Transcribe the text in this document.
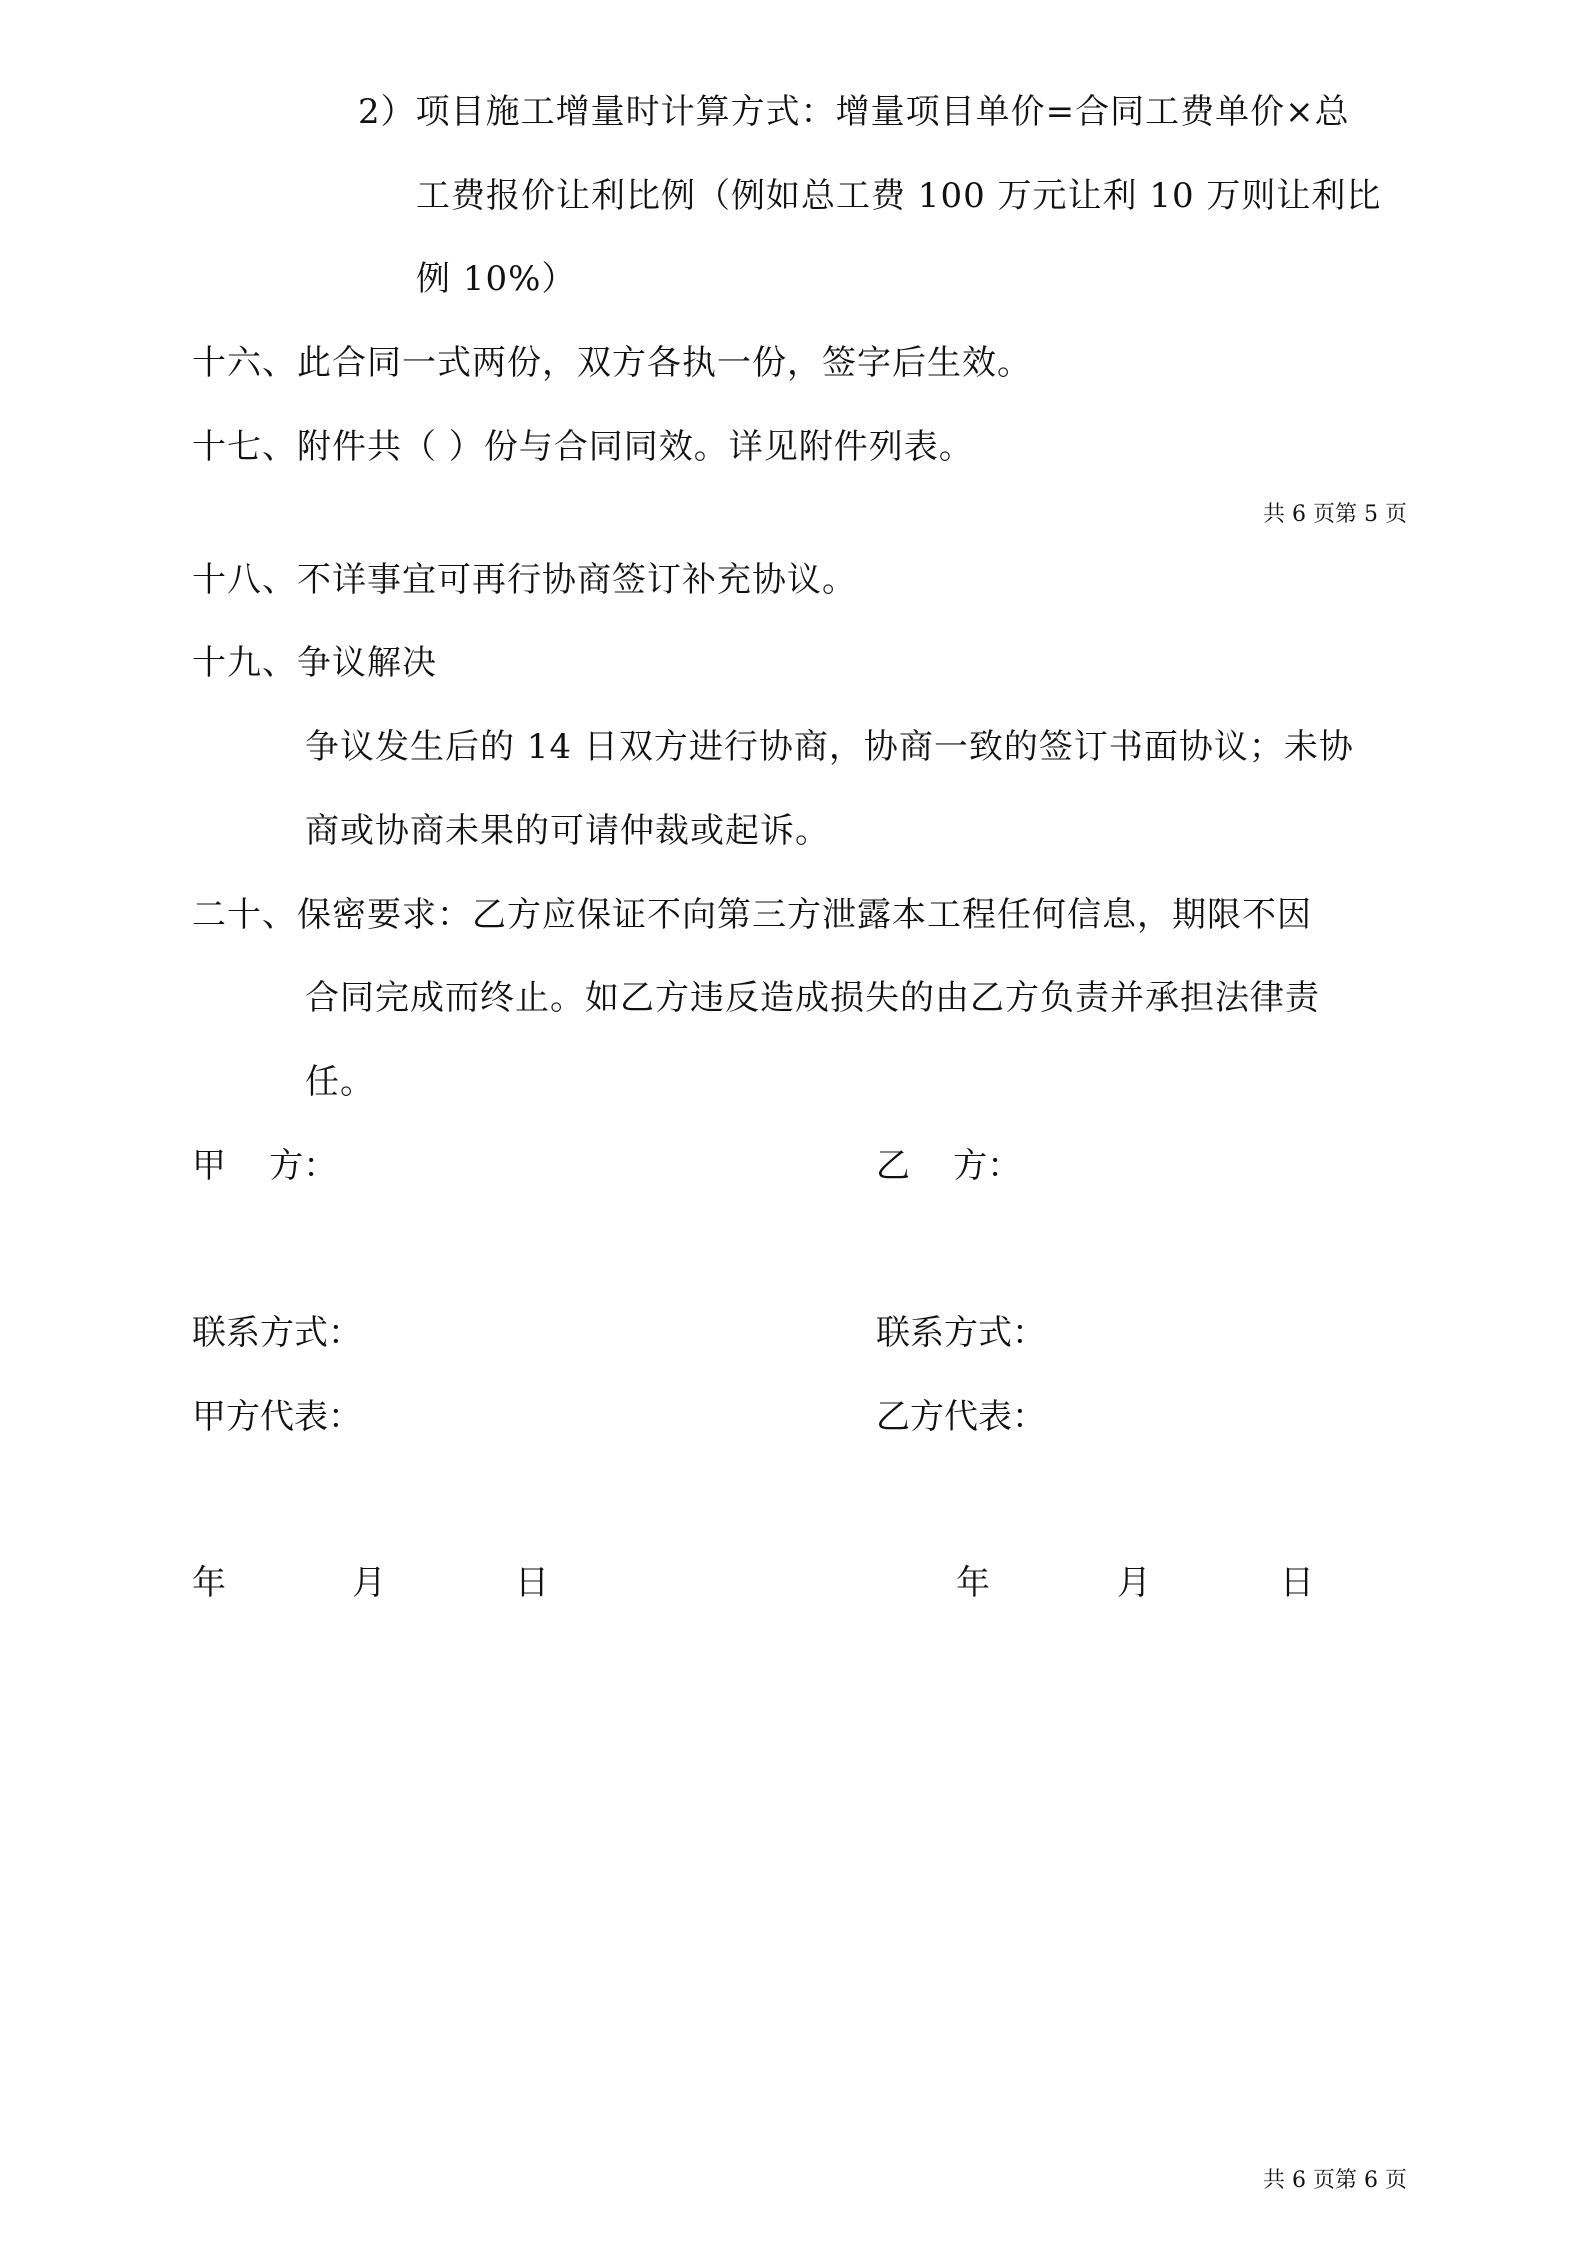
2）项目施工增量时计算方式：增量项目单价=合同工费单价×总
工费报价让利比例（例如总工费 100 万元让利 10 万则让利比
例 10%）
十六、此合同一式两份，双方各执一份，签字后生效。
十七、附件共（ ）份与合同同效。详见附件列表。
共 6 页第 5 页
十八、不详事宜可再行协商签订补充协议。
十九、争议解决
争议发生后的 14 日双方进行协商，协商一致的签订书面协议；未协
商或协商未果的可请仲裁或起诉。
二十、保密要求：乙方应保证不向第三方泄露本工程任何信息，期限不因
合同完成而终止。如乙方违反造成损失的由乙方负责并承担法律责
任。
甲    方：	乙    方：
联系方式：	联系方式：
甲方代表：	乙方代表：
年	月	日	年	月	日
共 6 页第 6 页
